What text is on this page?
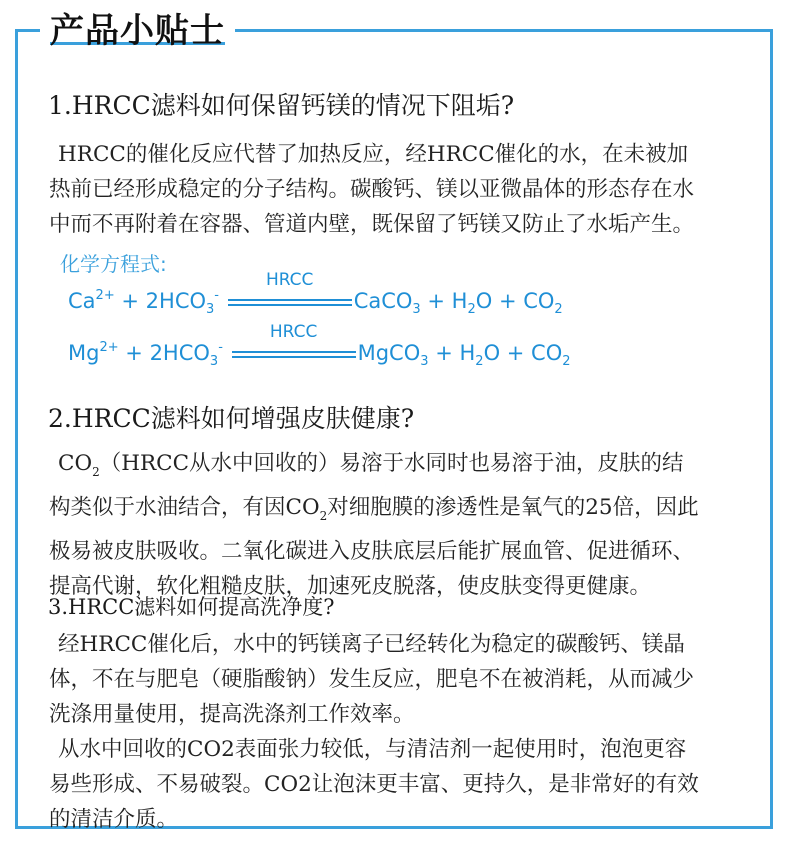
产品小贴士
1.HRCC滤料如何保留钙镁的情况下阻垢?

HRCC的催化反应代替了加热反应，经HRCC催化的水，在未被加

热前已经形成稳定的分子结构。碳酸钙、镁以亚微晶体的形态存在水

中而不再附着在容器、管道内壁，既保留了钙镁又防止了水垢产生。

化学方程式:
$Ca^{2+} + 2HCO_3^-$
HRCC
CaCO$_3$ + $H_2O + CO_2$
$Mg^{2+} + 2HCO_3^-$
HRCC
MgCO$_3$ + $H_2O + CO_2$
2.HRCC滤料如何增强皮肤健康?

$CO_2(HRCC$从水中回收的）易溶于水同时也易溶于油，皮肤的结

构类似于水油结合，有因$CO_2$对细胞膜的渗透性是氧气的25倍，因此

极易被皮肤吸收。二氧化碳进入皮肤底层后能扩展血管、促进循环、

提高代谢，软化粗糙皮肤，加速死皮脱落，使皮肤变得更健康。

3.HRCC滤料如何提高洗净度?

经HRCC催化后，水中的钙镁离子已经转化为稳定的碳酸钙、镁晶

体，不在与肥皂（硬脂酸钠）发生反应，肥皂不在被消耗，从而减少

洗涤用量使用，提高洗涤剂工作效率。

从水中回收的CO2表面张力较低，与清洁剂一起使用时，泡泡更容

易些形成、不易破裂。CO2让泡沫更丰富、更持久，是非常好的有效

的清洁介质。
